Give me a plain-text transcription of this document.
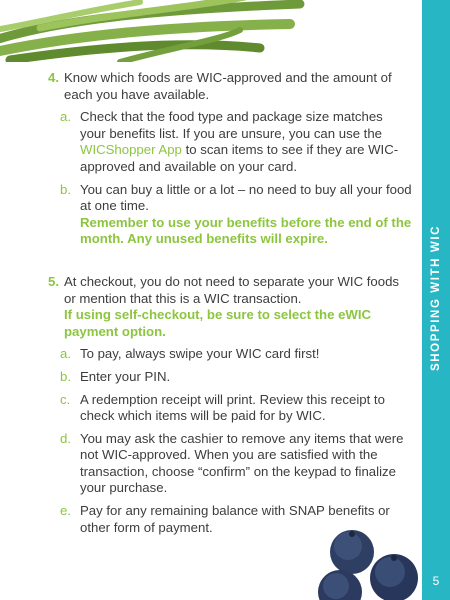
SHOPPING WITH WIC
5
4. Know which foods are WIC-approved and the amount of each you have available.
a. Check that the food type and package size matches your benefits list. If you are unsure, you can use the WICShopper App to scan items to see if they are WIC-approved and available on your card.
b. You can buy a little or a lot – no need to buy all your food at one time.
Remember to use your benefits before the end of the month. Any unused benefits will expire.
5. At checkout, you do not need to separate your WIC foods or mention that this is a WIC transaction.
If using self-checkout, be sure to select the eWIC payment option.
a. To pay, always swipe your WIC card first!
b. Enter your PIN.
c. A redemption receipt will print. Review this receipt to check which items will be paid for by WIC.
d. You may ask the cashier to remove any items that were not WIC-approved. When you are satisfied with the transaction, choose “confirm” on the keypad to finalize your purchase.
e. Pay for any remaining balance with SNAP benefits or other form of payment.
